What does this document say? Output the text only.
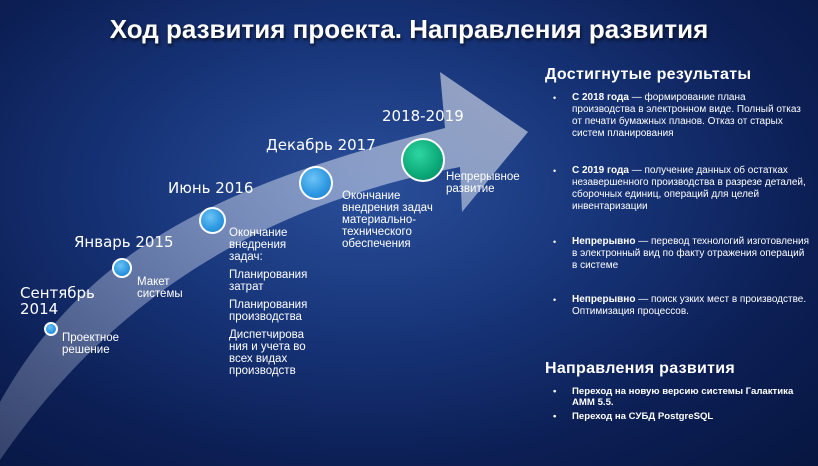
Ход развития проекта. Направления развития
Сентябрь 2014

Проектное решение

Январь 2015

Макет системы

Июнь 2016

Окончание внедрения задач:

Планирования затрат

Планирования производства

Диспетчирова ния и учета во всех видах производств

Декабрь 2017

Окончание внедрения задач материально-технического обеспечения

2018-2019

Непрерывное развитие

Достигнутые результаты
• С 2018 года — формирование плана производства в электронном виде. Полный отказ от печати бумажных планов. Отказ от старых систем планирования
• С 2019 года — получение данных об остатках незавершенного производства в разрезе деталей, сборочных единиц, операций для целей инвентаризации
• Непрерывно — перевод технологий изготовления в электронный вид по факту отражения операций в системе
• Непрерывно — поиск узких мест в производстве. Оптимизация процессов.
Направления развития
• Переход на новую версию системы Галактика AMM 5.5.
• Переход на СУБД PostgreSQL
